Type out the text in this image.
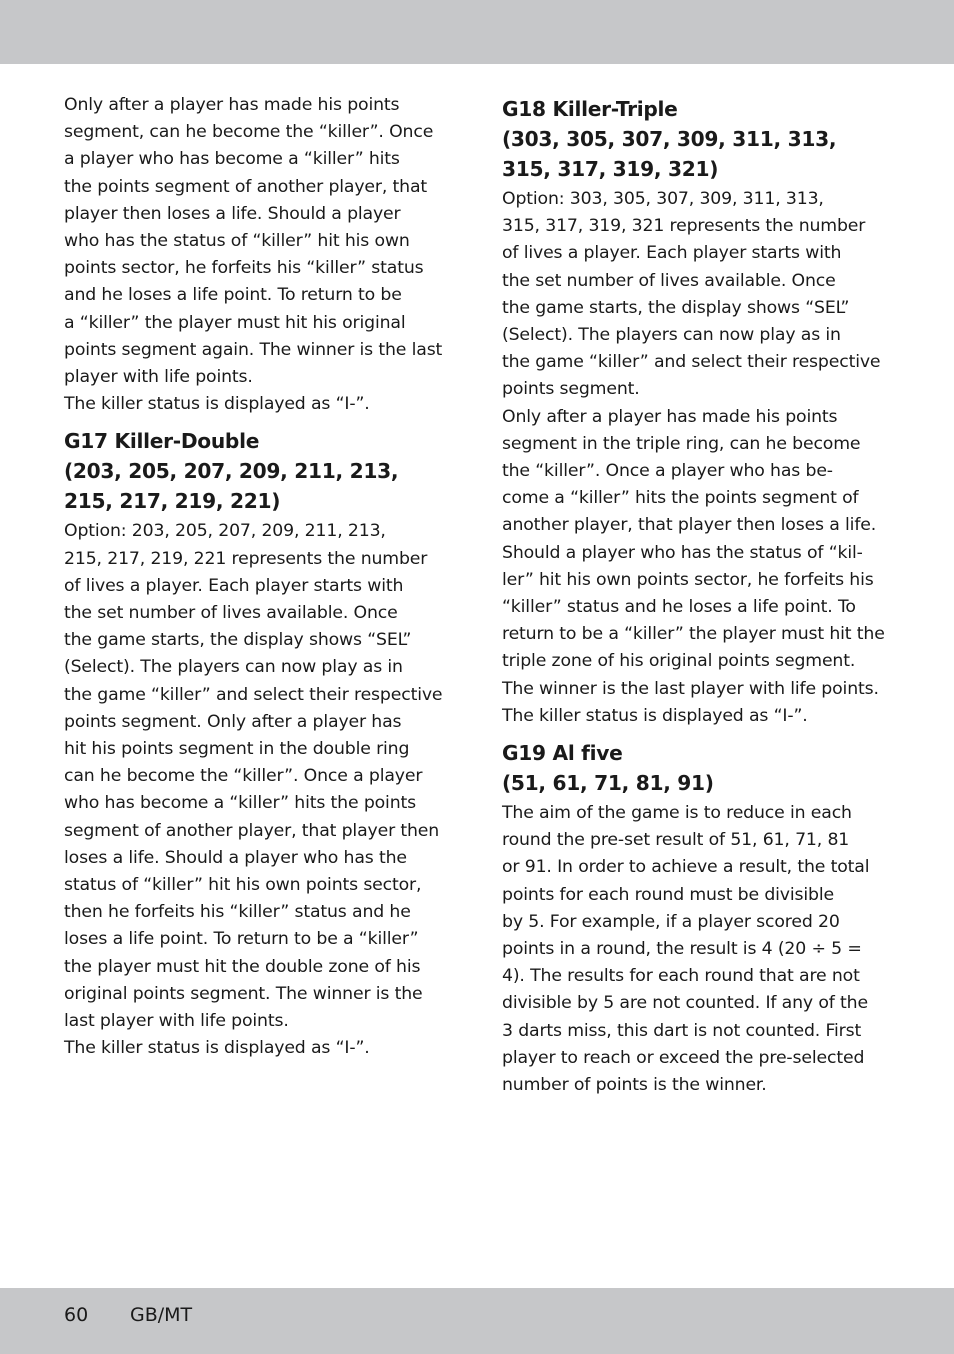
Only after a player has made his points
segment, can he become the “killer”. Once
a player who has become a “killer” hits
the points segment of another player, that
player then loses a life. Should a player
who has the status of “killer” hit his own
points sector, he forfeits his “killer” status
and he loses a life point. To return to be
a “killer” the player must hit his original
points segment again. The winner is the last
player with life points.

The killer status is displayed as “I-”.

G17 Killer-Double
(203, 205, 207, 209, 211, 213,
215, 217, 219, 221)

Option: 203, 205, 207, 209, 211, 213,
215, 217, 219, 221 represents the number
of lives a player. Each player starts with
the set number of lives available. Once
the game starts, the display shows “SEL”
(Select). The players can now play as in
the game “killer” and select their respective
points segment. Only after a player has
hit his points segment in the double ring
can he become the “killer”. Once a player
who has become a “killer” hits the points
segment of another player, that player then
loses a life. Should a player who has the
status of “killer” hit his own points sector,
then he forfeits his “killer” status and he
loses a life point. To return to be a “killer”
the player must hit the double zone of his
original points segment. The winner is the
last player with life points.

The killer status is displayed as “I-”.

G18 Killer-Triple
(303, 305, 307, 309, 311, 313,
315, 317, 319, 321)

Option: 303, 305, 307, 309, 311, 313,
315, 317, 319, 321 represents the number
of lives a player. Each player starts with
the set number of lives available. Once
the game starts, the display shows “SEL”
(Select). The players can now play as in
the game “killer” and select their respective
points segment.

Only after a player has made his points
segment in the triple ring, can he become
the “killer”. Once a player who has be-
come a “killer” hits the points segment of
another player, that player then loses a life.
Should a player who has the status of “kil-
ler” hit his own points sector, he forfeits his
“killer” status and he loses a life point. To
return to be a “killer” the player must hit the
triple zone of his original points segment.
The winner is the last player with life points.

The killer status is displayed as “I-”.

G19 Al five
(51, 61, 71, 81, 91)

The aim of the game is to reduce in each
round the pre-set result of 51, 61, 71, 81
or 91. In order to achieve a result, the total
points for each round must be divisible
by 5. For example, if a player scored 20
points in a round, the result is 4 (20 ÷ 5 =
4). The results for each round that are not
divisible by 5 are not counted. If any of the
3 darts miss, this dart is not counted. First
player to reach or exceed the pre-selected
number of points is the winner.

60 GB/MT
